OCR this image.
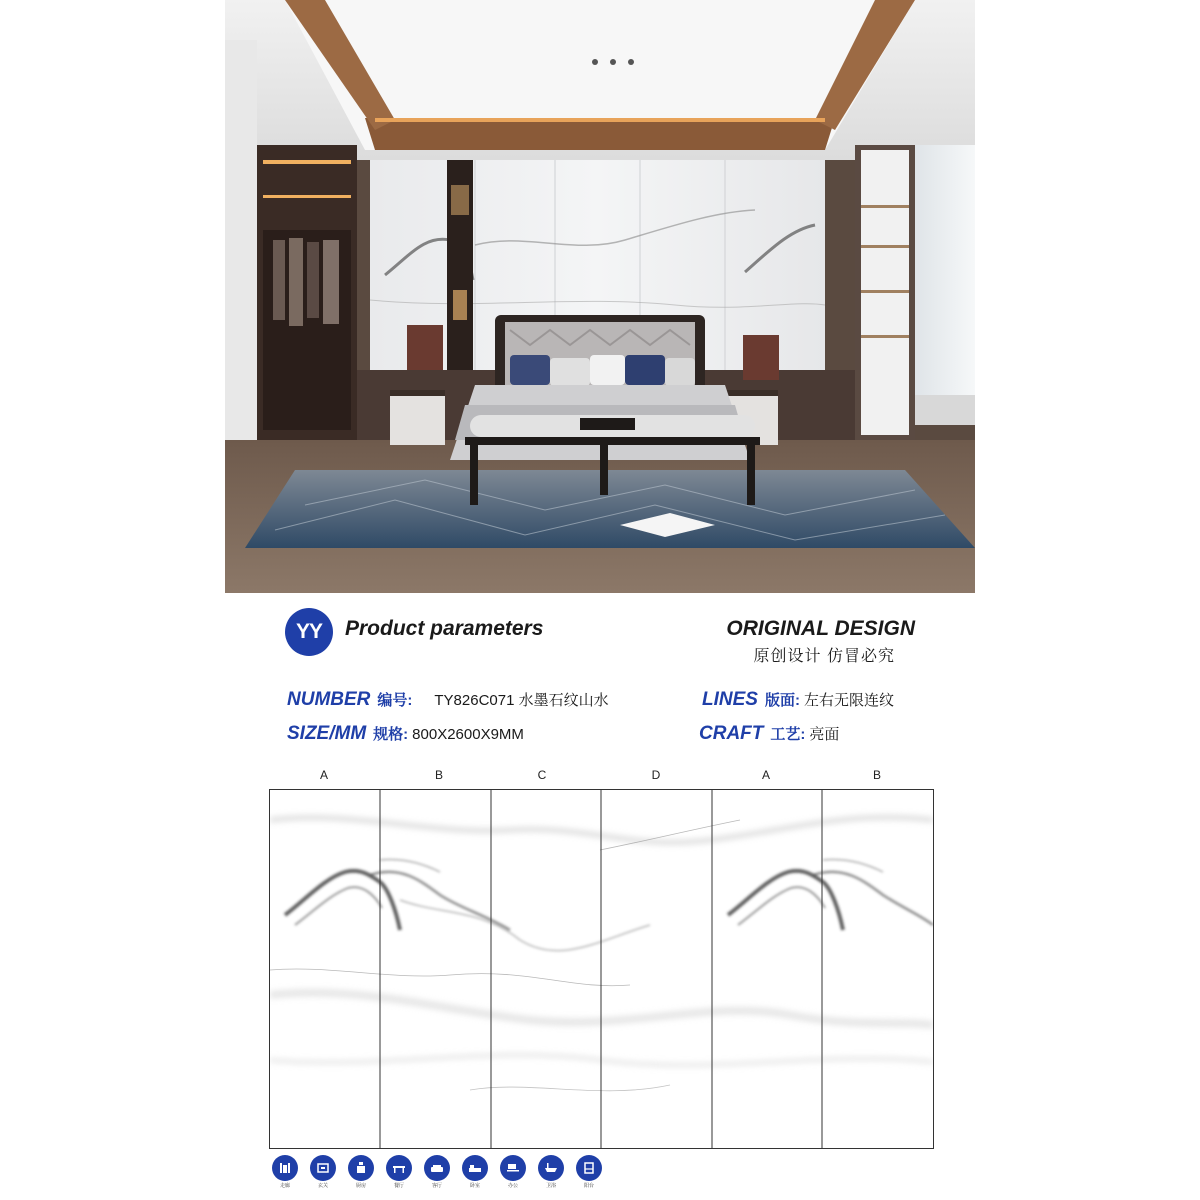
YY	Product parameters	ORIGINAL DESIGN
原创设计 仿冒必究
NUMBER 编号: TY826C071 水墨石纹山水
SIZE/MM 规格: 800X2600X9MM
LINES 版面: 左右无限连纹
CRAFT 工艺: 亮面
A	B	C	D	A	B
走廊	玄关	厨房	餐厅	客厅	卧室	办公	卫浴	阳台
